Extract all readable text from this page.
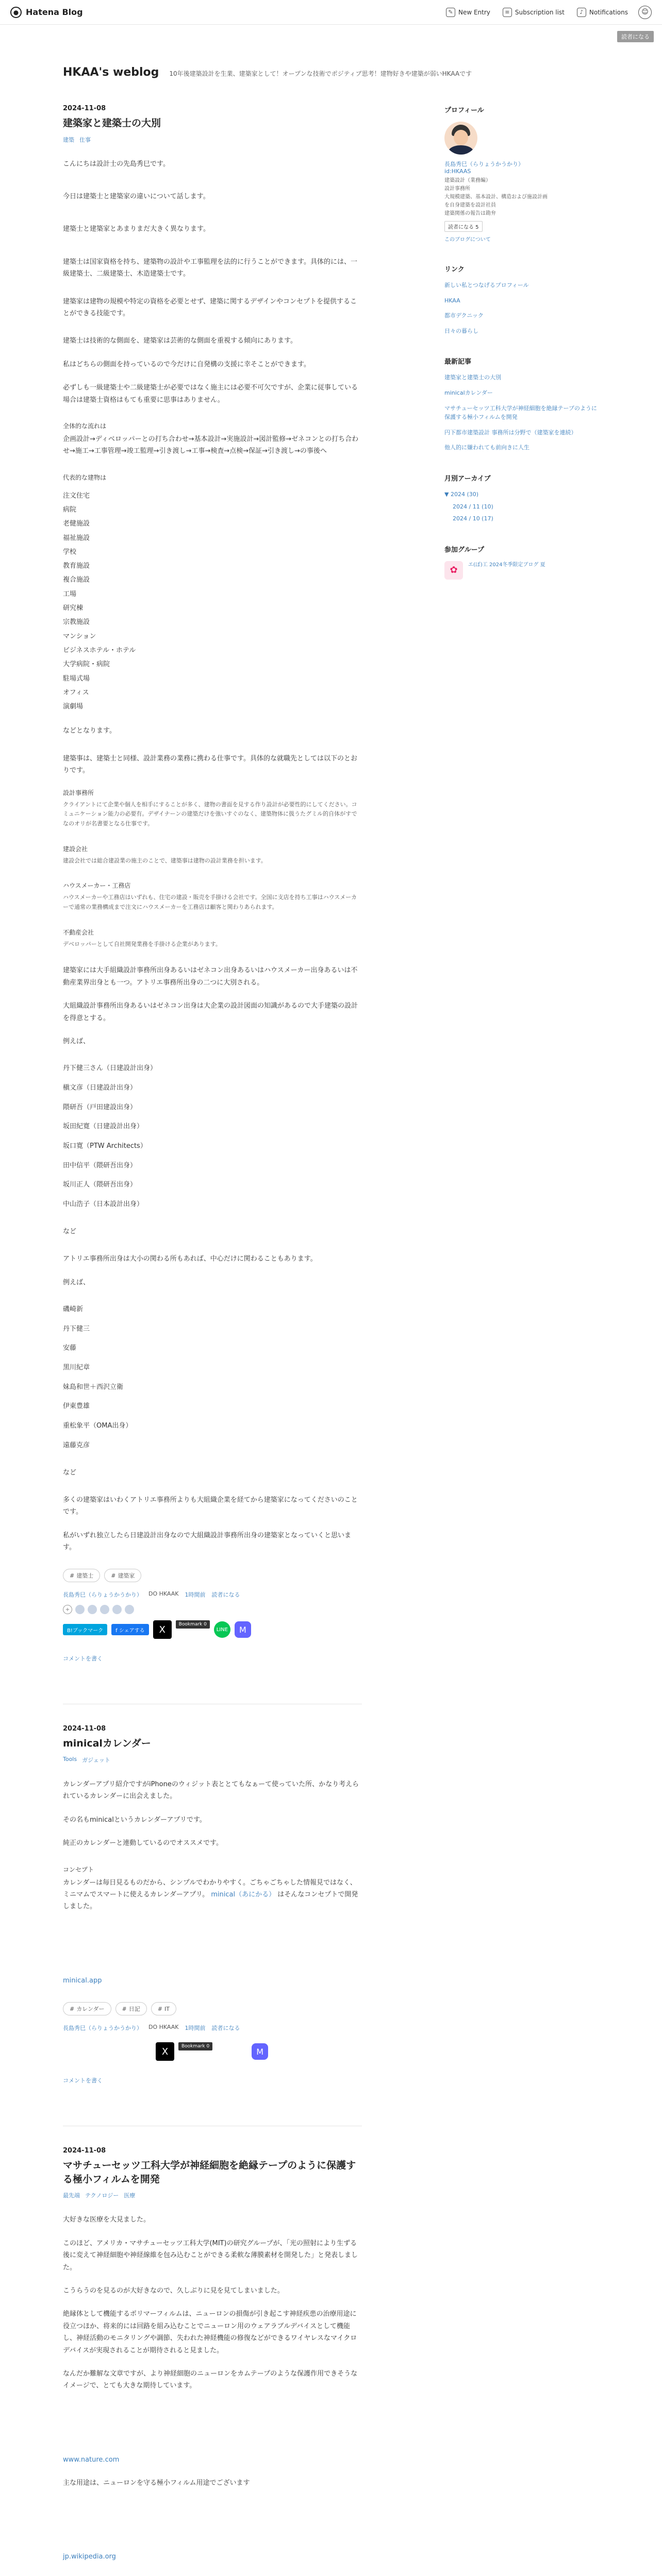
● Hatena Blog	✎ New Entry	≡ Subscription list	♪ Notifications	☺
読者になる
HKAA's weblog 10年後建築設計を生業、建築家として！オープンな技術でポジティブ思考！建物好きや建築が弱いHKAAです
2024-11-08
建築家と建築士の大別
建築 仕事

こんにちは設計士の先島秀巳です。

今日は建築士と建築家の違いについて話します。

建築士と建築家とあまりまだ大きく異なります。

建築士は国家資格を持ち、建築物の設計や工事監理を法的に行うことができます。具体的には、一級建築士、二級建築士、木造建築士です。

建築家は建物の規模や特定の資格を必要とせず、建築に関するデザインやコンセプトを提供することができる技能です。

建築士は技術的な側面を、建築家は芸術的な側面を重視する傾向にあります。

私はどちらの側面を持っているので今だけに自発構の支援に幸そことができます。

必ずしも一級建築士や二級建築士が必要ではなく施主には必要不可欠ですが、企業に従事している場合は建築士資格はもても重要に思事はありません。

全体的な流れは

企画設計→ディベロッパーとの打ち合わせ→基本設計→実施設計→図計監修→ゼネコンとの打ち合わせ→施工→工事管理→竣工監理→引き渡し→工事→検査→点検→保証→引き渡し→の事後へ

代表的な建物は
注文住宅
病院
老健施設
福祉施設
学校
教育施設
複合施設
工場
研究棟
宗教施設
マンション
ビジネスホテル・ホテル
大学病院・病院
駐場式場
オフィス
演劇場

などとなります。

建築事は、建築士と同様、設計業務の業務に携わる仕事です。具体的な就職先としては以下のとおりです。

設計事務所

クライアントにて企業や個人を相手にすることが多く、建物の書面を見する作り設計が必要性的にしてください。コミュニケーション能力の必要有。デザイナーンの建築だけを強いすぐのなく、建築物体に扱うたグミル的自体がすでなのオリが名書要となる仕事です。

建設会社

建設会社では総合建設業の施主のことで、建築事は建物の設計業務を担います。

ハウスメーカー・工務店

ハウスメーカーや工務店はいずれも、住宅の建設・販売を手掛ける会社です。全国に支店を持ち工事はハウスメーカーで通常の業務構成まで注文にハウスメーカーを工務店は顧客と関わりあられます。

不動産会社

デベロッパーとして自社開発業務を手掛ける企業があります。

建築家には大手組織設計事務所出身あるいはゼネコン出身あるいはハウスメーカー出身あるいは不動産業界出身とも一つ。アトリエ事務所出身の二つに大別される。

大組織設計事務所出身あるいはゼネコン出身は大企業の設計図面の知識があるので大手建築の設計を得意とする。

例えば、

丹下健三さん（日建設計出身）
槇文彦（日建設計出身）
隈研吾（戸田建設出身）
坂田紀寛（日建設計出身）
坂口寛（PTW Architects）
田中信平（隈研吾出身）
坂川正人（隈研吾出身）
中山浩子（日本設計出身）

など

アトリエ事務所出身は大小の関わる所もあれば、中心だけに関わることもあります。

例えば、

磯崎新
丹下健三
安藤
黒川紀章
妹島和世＋西沢立衛
伊東豊雄
重松象平（OMA出身）
遠藤克彦

など

多くの建築家はいわくアトリエ事務所よりも大組織企業を経てから建築家になってくださいのことです。

私がいずれ独立したら日建設計出身なので大組織設計事務所出身の建築家となっていくと思います。

# 建築士	# 建築家
長島秀巳（らりょうかうかり） DO HKAAK 1時間前 読者になる
+
B!ブックマーク	f シェアする	X	Bookmark 0
LINE	M
コメントを書く
2024-11-08
minicalカレンダー
Tools ガジェット

カレンダーアプリ紹介ですがiPhoneのウィジット表ととてもなぁーて使っていた所、かなり考えられているカレンダーに出会えました。

その名もminicalというカレンダーアプリです。

純正のカレンダーと連動しているのでオススメです。

コンセプト

カレンダーは毎日見るものだから、シンプルでわかりやすく。ごちゃごちゃした情報見ではなく、ミニマムでスマートに使えるカレンダーアプリ。 minical（あにかる） はそんなコンセプトで開発しました。

minical.app

# カレンダー	# 日記	# IT
長島秀巳（らりょうかうかり） DO HKAAK 1時間前 読者になる
X	Bookmark 0
M
コメントを書く
2024-11-08
マサチューセッツ工科大学が神経細胞を絶縁テープのように保護する極小フィルムを開発
最先端 テクノロジー 医療

大好きな医療を大見ました。

このほど、アメリカ・マサチューセッツ工科大学(MIT)の研究グループが、「光の照射により生ずる後に変えて神経細胞や神経線維を包み込むことができる柔軟な薄膜素材を開発した」と発表しました。

こうらうのを見るのが大好きなので、久しぶりに見を見てしまいました。

絶縁体として機能するポリマーフィルムは、ニューロンの損傷が引き起こす神経疾患の治療用途に役立つほか、将来的には回路を組み込むことでニューロン用のウェアラブルデバイスとして機能し、神経活動のモニタリングや調節、失われた神経機能の修復などができるワイヤレスなマイクロデバイスが実現されることが期待されると見ました。

なんだか難解な文章ですが、より神経細胞のニューロンをカムテープのような保護作用できそうなイメージで、とても大きな期待しています。

www.nature.com

主な用途は、ニューロンを守る極小フィルム用途でございます

jp.wikipedia.org

プロフィール
長島秀巳（らりょうかうかり）
id:HKAAS
建築設計（業務編）
設計事務所
大規模建築、基本設計、構造および施設計画
を自身建築を設計社員
建築関係の報告は勘弁
読者になる 5
このブログについて
リンク
新しい私とつなげるプロフィール
HKAA
都市デクニック
日々の暮らし
最新記事
建築家と建築士の大別
minicalカレンダー
マサチューセッツ工科大学が神経細胞を絶縁テープのように保護する極小フィルムを開発
円下都市建築設計 事務所は分野で（建築家を連続）
他人的に嫌われても前向きに人生
月別アーカイブ
▼ 2024 (30)
2024 / 11 (10)
2024 / 10 (17)
参加グループ
✿	エ(ぼ)工 2024冬季限定ブログ 夏
